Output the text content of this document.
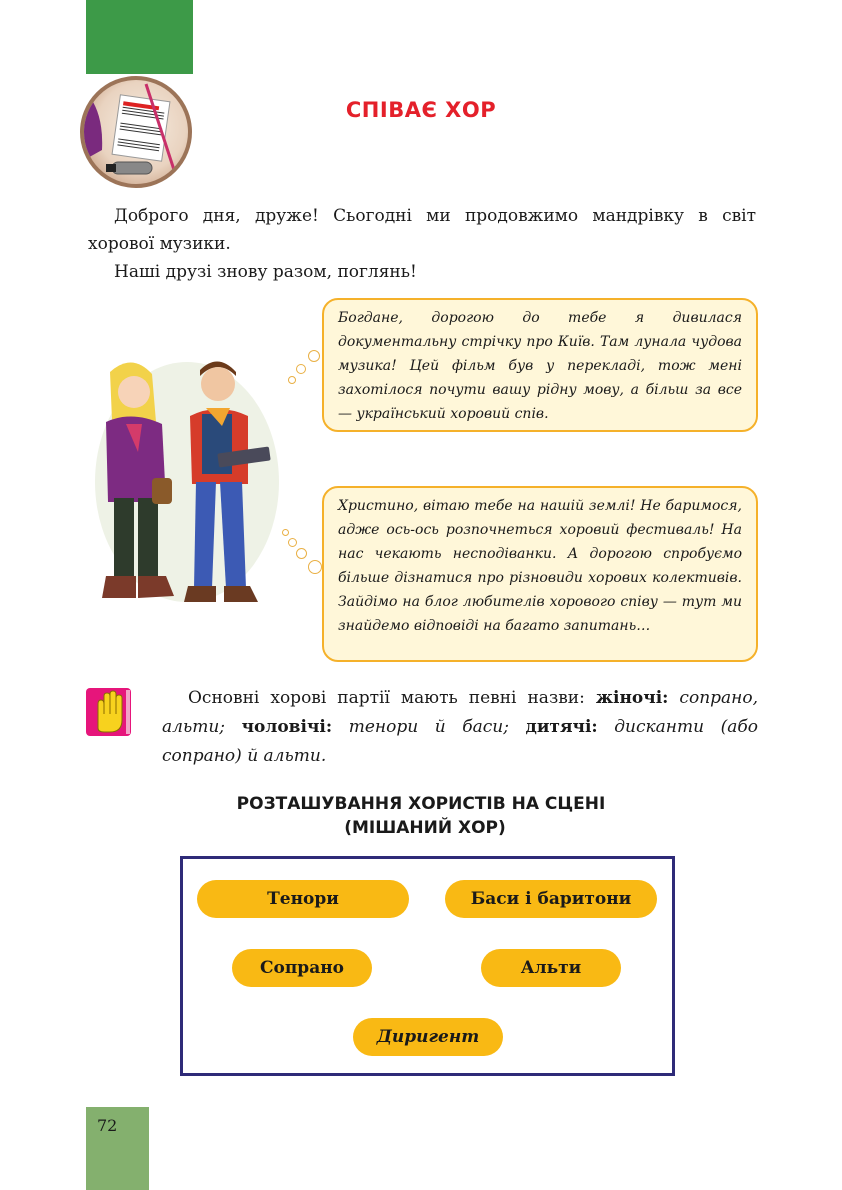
СПІВАЄ ХОР

Доброго дня, друже! Сьогодні ми продовжимо мандрівку в світ хорової музики.

Наші друзі знову разом, поглянь!

Богдане, дорогою до тебе я дивилася документальну стрічку про Київ. Там лунала чудова музика! Цей фільм був у перекладі, тож мені захотілося почути вашу рідну мову, а більш за все — український хоровий спів.
Христино, вітаю тебе на нашій землі! Не баримося, адже ось-ось розпочнеться хоровий фестиваль! На нас чекають несподіванки. А дорогою спробуємо більше дізнатися про різновиди хорових колективів. Зайдімо на блог любителів хорового співу — тут ми знайдемо відповіді на багато запитань…

Основні хорові партії мають певні назви: жіночі: сопрано, альти; чоловічі: тенори й баси; дитячі: дисканти (або сопрано) й альти.

РОЗТАШУВАННЯ ХОРИСТІВ НА СЦЕНІ
(МІШАНИЙ ХОР)
Тенори	Баси і баритони
Сопрано	Альти
Диригент
72
